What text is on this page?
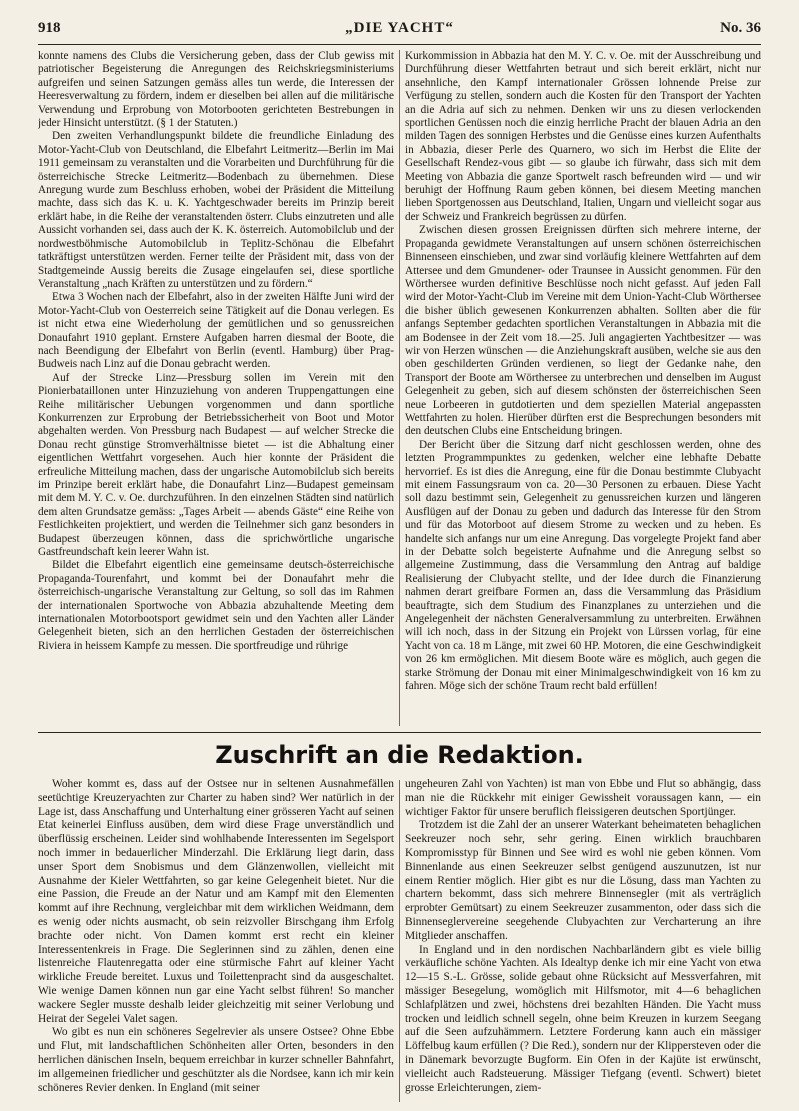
918	„DIE YACHT“	No. 36

konnte namens des Clubs die Versicherung geben, dass der Club gewiss mit patriotischer Begeisterung die Anregungen des Reichskriegsministeriums aufgreifen und seinen Satzungen gemäss alles tun werde, die Interessen der Heeresverwaltung zu fördern, indem er dieselben bei allen auf die militärische Verwendung und Erprobung von Motorbooten gerichteten Bestrebungen in jeder Hinsicht unterstützt. (§ 1 der Statuten.)

Den zweiten Verhandlungspunkt bildete die freundliche Einladung des Motor-Yacht-Club von Deutschland, die Elbefahrt Leitmeritz—Berlin im Mai 1911 gemeinsam zu veranstalten und die Vorarbeiten und Durchführung für die österreichische Strecke Leitmeritz—Bodenbach zu übernehmen. Diese Anregung wurde zum Beschluss erhoben, wobei der Präsident die Mitteilung machte, dass sich das K. u. K. Yachtgeschwader bereits im Prinzip bereit erklärt habe, in die Reihe der veranstaltenden österr. Clubs einzutreten und alle Aussicht vorhanden sei, dass auch der K. K. österreich. Automobilclub und der nordwestböhmische Automobilclub in Teplitz-Schönau die Elbefahrt tatkräftigst unterstützen werden. Ferner teilte der Präsident mit, dass von der Stadtgemeinde Aussig bereits die Zusage eingelaufen sei, diese sportliche Veranstaltung „nach Kräften zu unterstützen und zu fördern.“

Etwa 3 Wochen nach der Elbefahrt, also in der zweiten Hälfte Juni wird der Motor-Yacht-Club von Oesterreich seine Tätigkeit auf die Donau verlegen. Es ist nicht etwa eine Wiederholung der gemütlichen und so genussreichen Donaufahrt 1910 geplant. Ernstere Aufgaben harren diesmal der Boote, die nach Beendigung der Elbefahrt von Berlin (eventl. Hamburg) über Prag-Budweis nach Linz auf die Donau gebracht werden.

Auf der Strecke Linz—Pressburg sollen im Verein mit den Pionierbataillonen unter Hinzuziehung von anderen Truppengattungen eine Reihe militärischer Uebungen vorgenommen und dann sportliche Konkurrenzen zur Erprobung der Betriebssicherheit von Boot und Motor abgehalten werden. Von Pressburg nach Budapest — auf welcher Strecke die Donau recht günstige Stromverhältnisse bietet — ist die Abhaltung einer eigentlichen Wettfahrt vorgesehen. Auch hier konnte der Präsident die erfreuliche Mitteilung machen, dass der ungarische Automobilclub sich bereits im Prinzipe bereit erklärt habe, die Donaufahrt Linz—Budapest gemeinsam mit dem M. Y. C. v. Oe. durchzuführen. In den einzelnen Städten sind natürlich dem alten Grundsatze gemäss: „Tages Arbeit — abends Gäste“ eine Reihe von Festlichkeiten projektiert, und werden die Teilnehmer sich ganz besonders in Budapest überzeugen können, dass die sprichwörtliche ungarische Gastfreundschaft kein leerer Wahn ist.

Bildet die Elbefahrt eigentlich eine gemeinsame deutsch-österreichische Propaganda-Tourenfahrt, und kommt bei der Donaufahrt mehr die österreichisch-ungarische Veranstaltung zur Geltung, so soll das im Rahmen der internationalen Sportwoche von Abbazia abzuhaltende Meeting dem internationalen Motorbootsport gewidmet sein und den Yachten aller Länder Gelegenheit bieten, sich an den herrlichen Gestaden der österreichischen Riviera in heissem Kampfe zu messen. Die sportfreudige und rührige

Kurkommission in Abbazia hat den M. Y. C. v. Oe. mit der Ausschreibung und Durchführung dieser Wettfahrten betraut und sich bereit erklärt, nicht nur ansehnliche, den Kampf internationaler Grössen lohnende Preise zur Verfügung zu stellen, sondern auch die Kosten für den Transport der Yachten an die Adria auf sich zu nehmen. Denken wir uns zu diesen verlockenden sportlichen Genüssen noch die einzig herrliche Pracht der blauen Adria an den milden Tagen des sonnigen Herbstes und die Genüsse eines kurzen Aufenthalts in Abbazia, dieser Perle des Quarnero, wo sich im Herbst die Elite der Gesellschaft Rendez-vous gibt — so glaube ich fürwahr, dass sich mit dem Meeting von Abbazia die ganze Sportwelt rasch befreunden wird — und wir beruhigt der Hoffnung Raum geben können, bei diesem Meeting manchen lieben Sportgenossen aus Deutschland, Italien, Ungarn und vielleicht sogar aus der Schweiz und Frankreich begrüssen zu dürfen.

Zwischen diesen grossen Ereignissen dürften sich mehrere interne, der Propaganda gewidmete Veranstaltungen auf unsern schönen österreichischen Binnenseen einschieben, und zwar sind vorläufig kleinere Wettfahrten auf dem Attersee und dem Gmundener- oder Traunsee in Aussicht genommen. Für den Wörthersee wurden definitive Beschlüsse noch nicht gefasst. Auf jeden Fall wird der Motor-Yacht-Club im Vereine mit dem Union-Yacht-Club Wörthersee die bisher üblich gewesenen Konkurrenzen abhalten. Sollten aber die für anfangs September gedachten sportlichen Veranstaltungen in Abbazia mit die am Bodensee in der Zeit vom 18.—25. Juli angagierten Yachtbesitzer — was wir von Herzen wünschen — die Anziehungskraft ausüben, welche sie aus den oben geschilderten Gründen verdienen, so liegt der Gedanke nahe, den Transport der Boote am Wörthersee zu unterbrechen und denselben im August Gelegenheit zu geben, sich auf diesem schönsten der österreichischen Seen neue Lorbeeren in gutdotierten und dem speziellen Material angepassten Wettfahrten zu holen. Hierüber dürften erst die Besprechungen besonders mit den deutschen Clubs eine Entscheidung bringen.

Der Bericht über die Sitzung darf nicht geschlossen werden, ohne des letzten Programmpunktes zu gedenken, welcher eine lebhafte Debatte hervorrief. Es ist dies die Anregung, eine für die Donau bestimmte Clubyacht mit einem Fassungsraum von ca. 20—30 Personen zu erbauen. Diese Yacht soll dazu bestimmt sein, Gelegenheit zu genussreichen kurzen und längeren Ausflügen auf der Donau zu geben und dadurch das Interesse für den Strom und für das Motorboot auf diesem Strome zu wecken und zu heben. Es handelte sich anfangs nur um eine Anregung. Das vorgelegte Projekt fand aber in der Debatte solch begeisterte Aufnahme und die Anregung selbst so allgemeine Zustimmung, dass die Versammlung den Antrag auf baldige Realisierung der Clubyacht stellte, und der Idee durch die Finanzierung nahmen derart greifbare Formen an, dass die Versammlung das Präsidium beauftragte, sich dem Studium des Finanzplanes zu unterziehen und die Angelegenheit der nächsten Generalversammlung zu unterbreiten. Erwähnen will ich noch, dass in der Sitzung ein Projekt von Lürssen vorlag, für eine Yacht von ca. 18 m Länge, mit zwei 60 HP. Motoren, die eine Geschwindigkeit von 26 km ermöglichen. Mit diesem Boote wäre es möglich, auch gegen die starke Strömung der Donau mit einer Minimalgeschwindigkeit von 16 km zu fahren. Möge sich der schöne Traum recht bald erfüllen!

Zuschrift an die Redaktion.

Woher kommt es, dass auf der Ostsee nur in seltenen Ausnahmefällen seetüchtige Kreuzeryachten zur Charter zu haben sind? Wer natürlich in der Lage ist, dass Anschaffung und Unterhaltung einer grösseren Yacht auf seinen Etat keinerlei Einfluss ausüben, dem wird diese Frage unverständlich und überflüssig erscheinen. Leider sind wohlhabende Interessenten im Segelsport noch immer in bedauerlicher Minderzahl. Die Erklärung liegt darin, dass unser Sport dem Snobismus und dem Glänzenwollen, vielleicht mit Ausnahme der Kieler Wettfahrten, so gar keine Gelegenheit bietet. Nur die eine Passion, die Freude an der Natur und am Kampf mit den Elementen kommt auf ihre Rechnung, vergleichbar mit dem wirklichen Weidmann, dem es wenig oder nichts ausmacht, ob sein reizvoller Birschgang ihm Erfolg brachte oder nicht. Von Damen kommt erst recht ein kleiner Interessentenkreis in Frage. Die Seglerinnen sind zu zählen, denen eine listenreiche Flautenregatta oder eine stürmische Fahrt auf kleiner Yacht wirkliche Freude bereitet. Luxus und Toilettenpracht sind da ausgeschaltet. Wie wenige Damen können nun gar eine Yacht selbst führen! So mancher wackere Segler musste deshalb leider gleichzeitig mit seiner Verlobung und Heirat der Segelei Valet sagen.

Wo gibt es nun ein schöneres Segelrevier als unsere Ostsee? Ohne Ebbe und Flut, mit landschaftlichen Schönheiten aller Orten, besonders in den herrlichen dänischen Inseln, bequem erreichbar in kurzer schneller Bahnfahrt, im allgemeinen friedlicher und geschützter als die Nordsee, kann ich mir kein schöneres Revier denken. In England (mit seiner

ungeheuren Zahl von Yachten) ist man von Ebbe und Flut so abhängig, dass man nie die Rückkehr mit einiger Gewissheit voraussagen kann, — ein wichtiger Faktor für unsere beruflich fleissigeren deutschen Sportjünger.

Trotzdem ist die Zahl der an unserer Waterkant beheimateten behaglichen Seekreuzer noch sehr, sehr gering. Einen wirklich brauchbaren Kompromisstyp für Binnen und See wird es wohl nie geben können. Vom Binnenlande aus einen Seekreuzer selbst genügend auszunutzen, ist nur einem Rentier möglich. Hier gibt es nur die Lösung, dass man Yachten zu chartern bekommt, dass sich mehrere Binnensegler (mit als verträglich erprobter Gemütsart) zu einem Seekreuzer zusammenton, oder dass sich die Binnenseglervereine seegehende Clubyachten zur Vercharterung an ihre Mitglieder anschaffen.

In England und in den nordischen Nachbarländern gibt es viele billig verkäufliche schöne Yachten. Als Idealtyp denke ich mir eine Yacht von etwa 12—15 S.-L. Grösse, solide gebaut ohne Rücksicht auf Messverfahren, mit mässiger Besegelung, womöglich mit Hilfsmotor, mit 4—6 behaglichen Schlafplätzen und zwei, höchstens drei bezahlten Händen. Die Yacht muss trocken und leidlich schnell segeln, ohne beim Kreuzen in kurzem Seegang auf die Seen aufzuhämmern. Letztere Forderung kann auch ein mässiger Löffelbug kaum erfüllen (? Die Red.), sondern nur der Klippersteven oder die in Dänemark bevorzugte Bugform. Ein Ofen in der Kajüte ist erwünscht, vielleicht auch Radsteuerung. Mässiger Tiefgang (eventl. Schwert) bietet grosse Erleichterungen, ziem-
